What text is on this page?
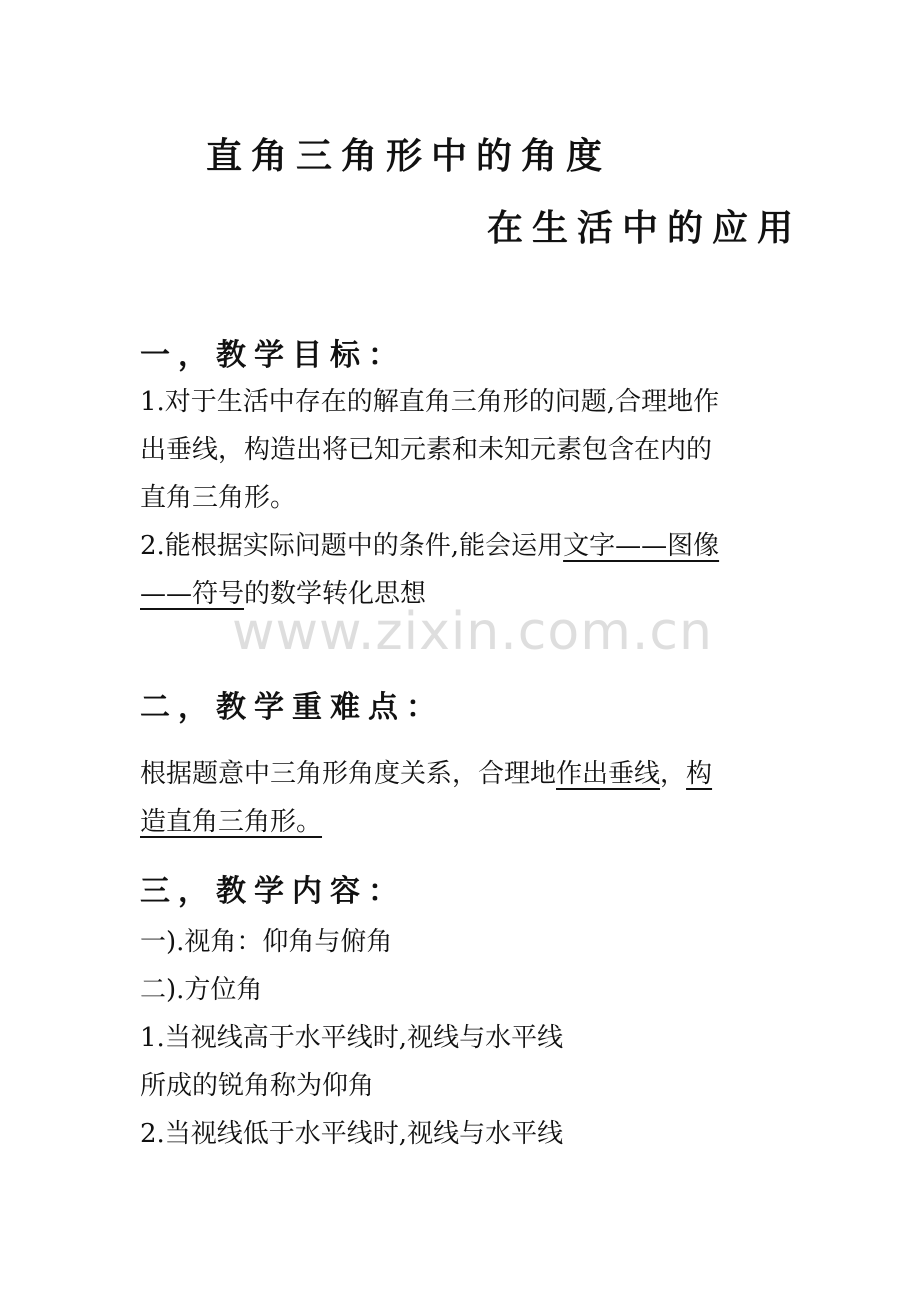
直角三角形中的角度
在生活中的应用
一，教学目标：
1.对于生活中存在的解直角三角形的问题,合理地作
出垂线，构造出将已知元素和未知元素包含在内的
直角三角形。
2.能根据实际问题中的条件,能会运用文字——图像
——符号的数学转化思想
www.zixin.com.cn
二，教学重难点：
根据题意中三角形角度关系，合理地作出垂线，构
造直角三角形。
三，教学内容：
一).视角：仰角与俯角
二).方位角
1.当视线高于水平线时,视线与水平线
所成的锐角称为仰角
2.当视线低于水平线时,视线与水平线
